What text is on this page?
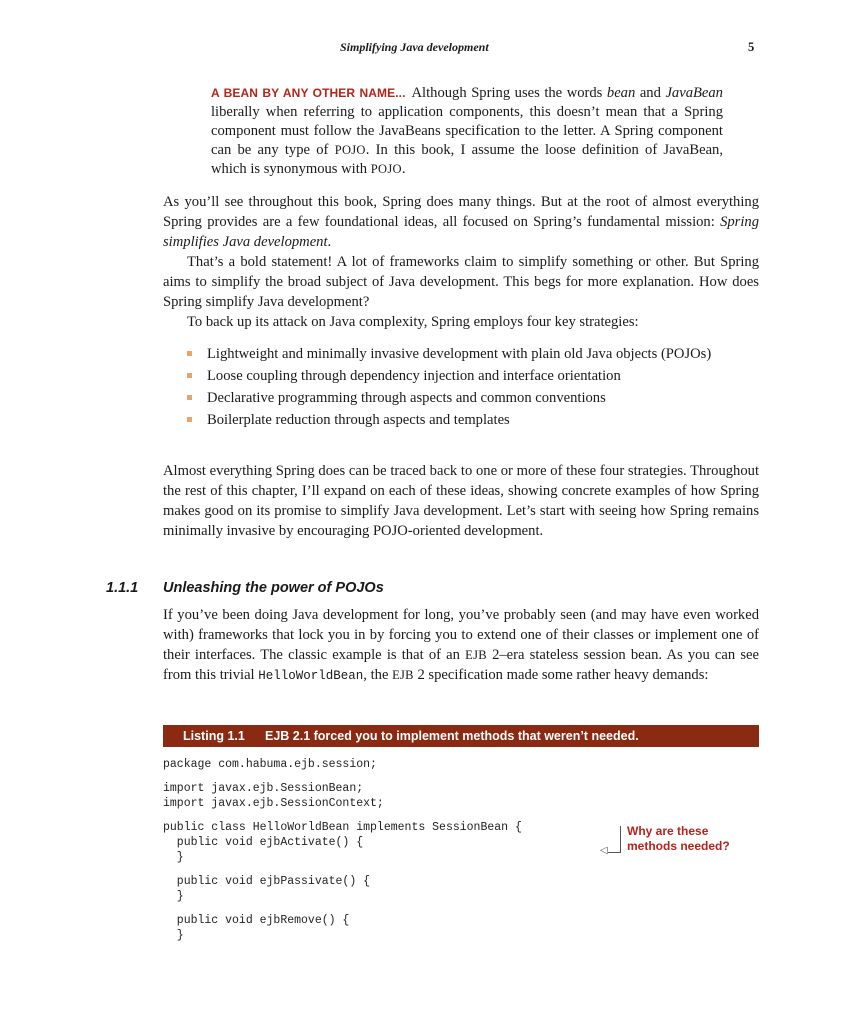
Simplifying Java development	5
A BEAN BY ANY OTHER NAME... Although Spring uses the words bean and JavaBean liberally when referring to application components, this doesn’t mean that a Spring component must follow the JavaBeans specification to the letter. A Spring component can be any type of POJO. In this book, I assume the loose definition of JavaBean, which is synonymous with POJO.

As you’ll see throughout this book, Spring does many things. But at the root of almost everything Spring provides are a few foundational ideas, all focused on Spring’s fundamental mission: Spring simplifies Java development.

That’s a bold statement! A lot of frameworks claim to simplify something or other. But Spring aims to simplify the broad subject of Java development. This begs for more explanation. How does Spring simplify Java development?

To back up its attack on Java complexity, Spring employs four key strategies:

Lightweight and minimally invasive development with plain old Java objects (POJOs)
Loose coupling through dependency injection and interface orientation
Declarative programming through aspects and common conventions
Boilerplate reduction through aspects and templates

Almost everything Spring does can be traced back to one or more of these four strategies. Throughout the rest of this chapter, I’ll expand on each of these ideas, showing concrete examples of how Spring makes good on its promise to simplify Java development. Let’s start with seeing how Spring remains minimally invasive by encouraging POJO-oriented development.

1.1.1 Unleashing the power of POJOs

If you’ve been doing Java development for long, you’ve probably seen (and may have even worked with) frameworks that lock you in by forcing you to extend one of their classes or implement one of their interfaces. The classic example is that of an EJB 2–era stateless session bean. As you can see from this trivial HelloWorldBean, the EJB 2 specification made some rather heavy demands:

Listing 1.1 EJB 2.1 forced you to implement methods that weren’t needed.
package com.habuma.ejb.session;
import javax.ejb.SessionBean;
import javax.ejb.SessionContext;
public class HelloWorldBean implements SessionBean {
public void ejbActivate() {
}
public void ejbPassivate() {
}
public void ejbRemove() {
}
◁
Why are these
methods needed?
